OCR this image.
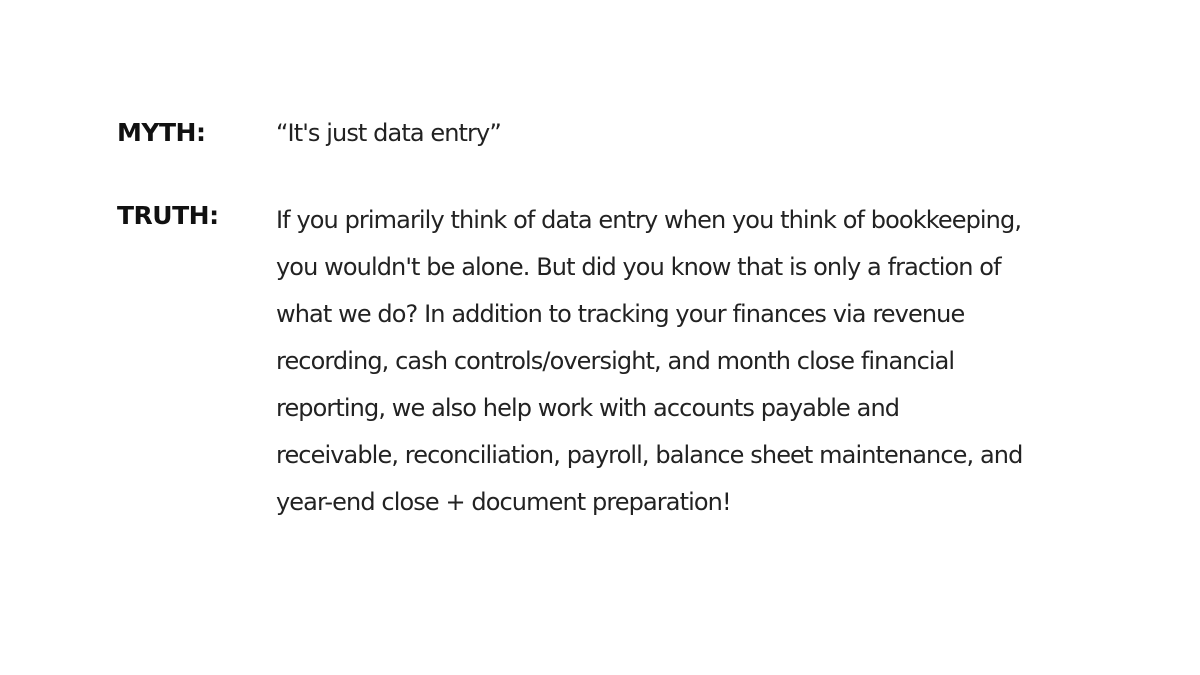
MYTH:	“It's just data entry”
TRUTH: If you primarily think of data entry when you think of bookkeeping,
you wouldn't be alone. But did you know that is only a fraction of
what we do? In addition to tracking your finances via revenue
recording, cash controls/oversight, and month close financial
reporting, we also help work with accounts payable and
receivable, reconciliation, payroll, balance sheet maintenance, and
year-end close + document preparation!
